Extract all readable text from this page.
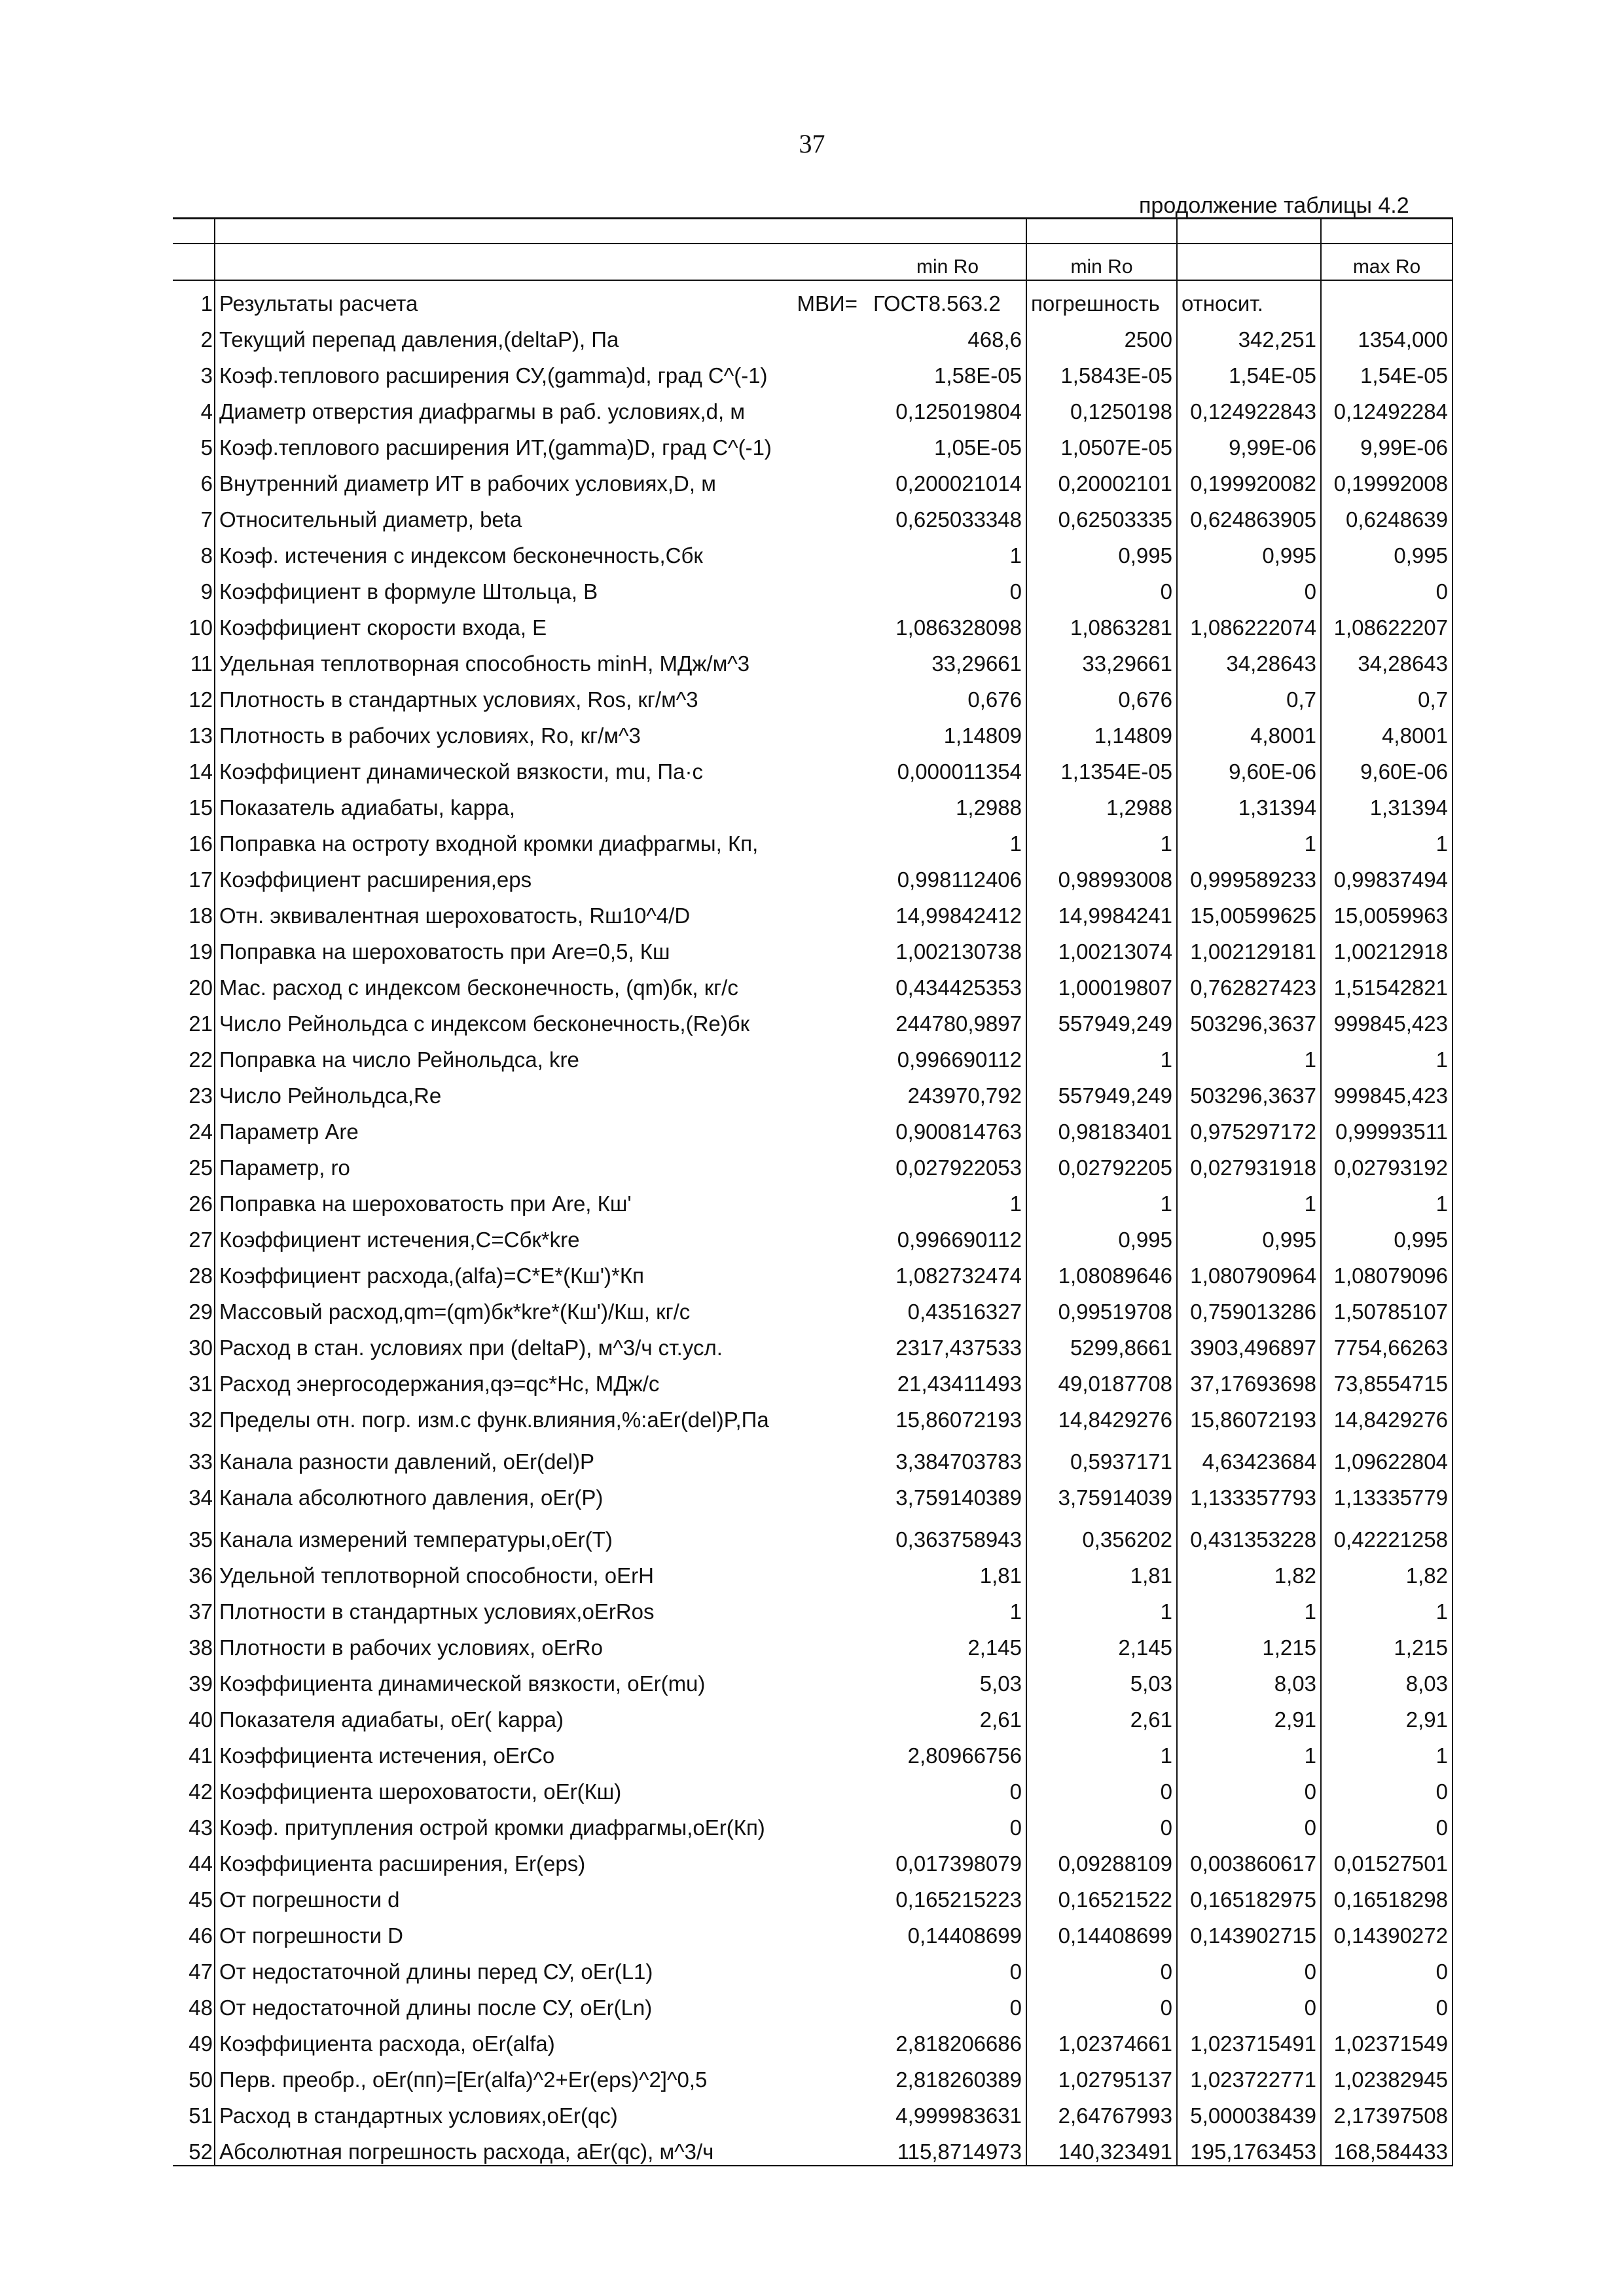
37
продолжение таблицы 4.2

		min Ro	min Ro		max Ro
1	Результаты расчета МВИ=	ГОСТ8.563.2	погрешность	относит.	
2	Текущий перепад давления,(deltaP), Па	468,6	2500	342,251	1354,000
3	Коэф.теплового расширения СУ,(gamma)d, град С^(-1)	1,58E-05	1,5843E-05	1,54E-05	1,54E-05
4	Диаметр отверстия диафрагмы в раб. условиях,d, м	0,125019804	0,1250198	0,124922843	0,12492284
5	Коэф.теплового расширения ИТ,(gamma)D, град С^(-1)	1,05E-05	1,0507E-05	9,99E-06	9,99E-06
6	Внутренний диаметр ИТ в рабочих условиях,D, м	0,200021014	0,20002101	0,199920082	0,19992008
7	Относительный диаметр, beta	0,625033348	0,62503335	0,624863905	0,6248639
8	Коэф. истечения с индексом бесконечность,Сбк	1	0,995	0,995	0,995
9	Коэффициент в формуле Штольца, В	0	0	0	0
10	Коэффициент скорости входа, Е	1,086328098	1,0863281	1,086222074	1,08622207
11	Удельная теплотворная способность minH, МДж/м^3	33,29661	33,29661	34,28643	34,28643
12	Плотность в стандартных условиях, Ros, кг/м^3	0,676	0,676	0,7	0,7
13	Плотность в рабочих условиях, Ro, кг/м^3	1,14809	1,14809	4,8001	4,8001
14	Коэффициент динамической вязкости, mu, Па·с	0,000011354	1,1354E-05	9,60E-06	9,60E-06
15	Показатель адиабаты, kappa,	1,2988	1,2988	1,31394	1,31394
16	Поправка на остроту входной кромки диафрагмы, Кп,	1	1	1	1
17	Коэффициент расширения,eps	0,998112406	0,98993008	0,999589233	0,99837494
18	Отн. эквивалентная шероховатость, Rш10^4/D	14,99842412	14,9984241	15,00599625	15,0059963
19	Поправка на шероховатость при Are=0,5, Кш	1,002130738	1,00213074	1,002129181	1,00212918
20	Мас. расход с индексом бесконечность, (qm)бк, кг/с	0,434425353	1,00019807	0,762827423	1,51542821
21	Число Рейнольдса с индексом бесконечность,(Re)бк	244780,9897	557949,249	503296,3637	999845,423
22	Поправка на число Рейнольдса, kre	0,996690112	1	1	1
23	Число Рейнольдса,Re	243970,792	557949,249	503296,3637	999845,423
24	Параметр Are	0,900814763	0,98183401	0,975297172	0,99993511
25	Параметр, ro	0,027922053	0,02792205	0,027931918	0,02793192
26	Поправка на шероховатость при Are, Кш'	1	1	1	1
27	Коэффициент истечения,С=Сбк*kre	0,996690112	0,995	0,995	0,995
28	Коэффициент расхода,(alfa)=С*Е*(Кш')*Кп	1,082732474	1,08089646	1,080790964	1,08079096
29	Массовый расход,qm=(qm)бк*kre*(Кш')/Кш, кг/с	0,43516327	0,99519708	0,759013286	1,50785107
30	Расход в стан. условиях при (deltaP), м^3/ч ст.усл.	2317,437533	5299,8661	3903,496897	7754,66263
31	Расход энергосодержания,qэ=qc*Hc, МДж/с	21,43411493	49,0187708	37,17693698	73,8554715
32	Пределы отн. погр. изм.с функ.влияния,%:aEr(del)P,Па	15,86072193	14,8429276	15,86072193	14,8429276
33	Канала разности давлений, оЕr(del)P	3,384703783	0,5937171	4,63423684	1,09622804
34	Канала абсолютного давления, оЕr(P)	3,759140389	3,75914039	1,133357793	1,13335779
35	Канала измерений температуры,оЕr(T)	0,363758943	0,356202	0,431353228	0,42221258
36	Удельной теплотворной способности, оЕrH	1,81	1,81	1,82	1,82
37	Плотности в стандартных условиях,оЕrRos	1	1	1	1
38	Плотности в рабочих условиях, оЕrRo	2,145	2,145	1,215	1,215
39	Коэффициента динамической вязкости, оЕr(mu)	5,03	5,03	8,03	8,03
40	Показателя адиабаты, оЕr( kappa)	2,61	2,61	2,91	2,91
41	Коэффициента истечения, оЕrCo	2,80966756	1	1	1
42	Коэффициента шероховатости, оЕr(Кш)	0	0	0	0
43	Коэф. притупления острой кромки диафрагмы,оЕr(Кп)	0	0	0	0
44	Коэффициента расширения, Er(eps)	0,017398079	0,09288109	0,003860617	0,01527501
45	От погрешности d	0,165215223	0,16521522	0,165182975	0,16518298
46	От погрешности D	0,14408699	0,14408699	0,143902715	0,14390272
47	От недостаточной длины перед СУ, оЕr(L1)	0	0	0	0
48	От недостаточной длины после СУ, оЕr(Ln)	0	0	0	0
49	Коэффициента расхода, оЕr(alfa)	2,818206686	1,02374661	1,023715491	1,02371549
50	Перв. преобр., оЕr(пп)=[Er(alfa)^2+Er(eps)^2]^0,5	2,818260389	1,02795137	1,023722771	1,02382945
51	Расход в стандартных условиях,оЕr(qc)	4,999983631	2,64767993	5,000038439	2,17397508
52	Абсолютная погрешность расхода, aEr(qc), м^3/ч	115,8714973	140,323491	195,1763453	168,584433
